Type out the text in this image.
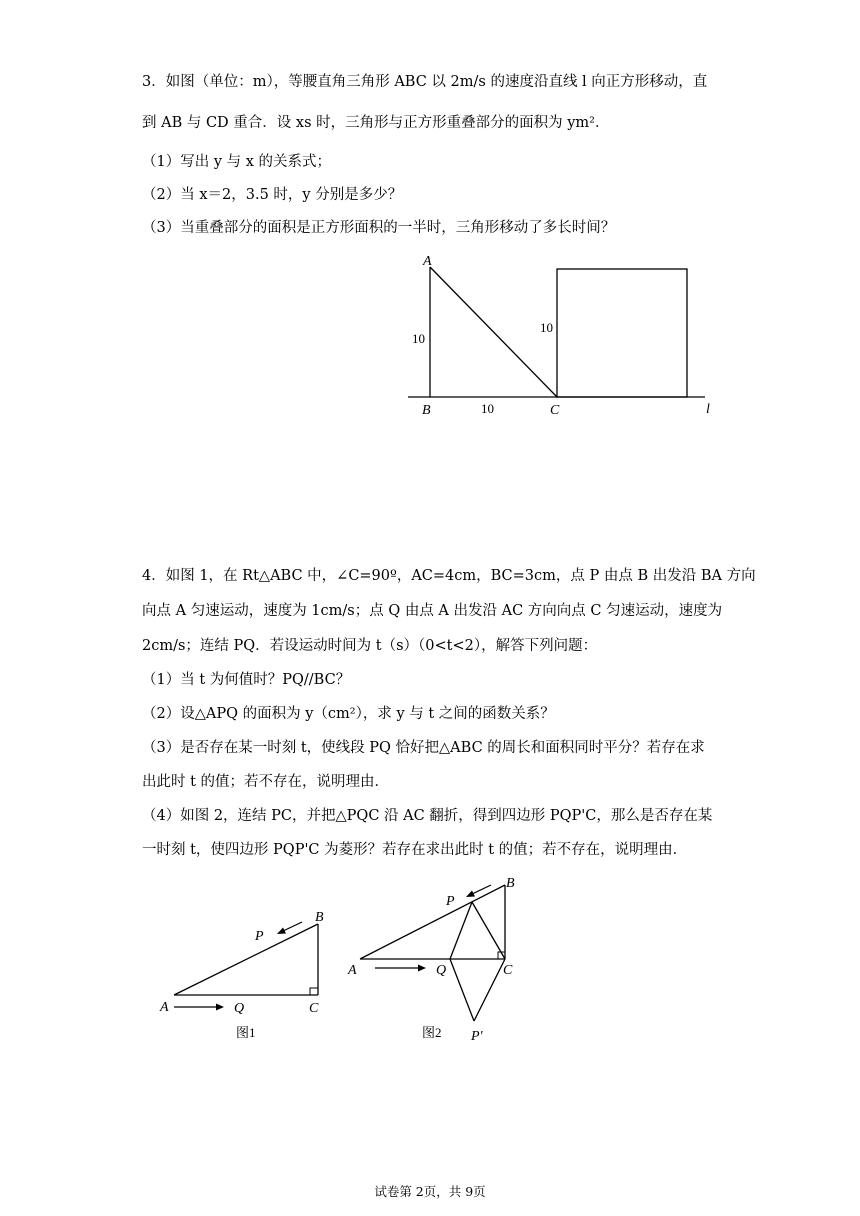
3．如图（单位：m），等腰直角三角形 ABC 以 2m/s 的速度沿直线 l 向正方形移动，直
到 AB 与 CD 重合．设 xs 时，三角形与正方形重叠部分的面积为 ym²．
（1）写出 y 与 x 的关系式；
（2）当 x＝2，3.5 时，y 分别是多少？
（3）当重叠部分的面积是正方形面积的一半时，三角形移动了多长时间？
A
B	C	l
10
10
10
4．如图 1，在 Rt△ABC 中，∠C=90º，AC=4cm，BC=3cm，点 P 由点 B 出发沿 BA 方向
向点 A 匀速运动，速度为 1cm/s；点 Q 由点 A 出发沿 AC 方向向点 C 匀速运动，速度为
2cm/s；连结 PQ．若设运动时间为 t（s）（0<t<2），解答下列问题：
（1）当 t 为何值时？PQ//BC？
（2）设△APQ 的面积为 y（cm²），求 y 与 t 之间的函数关系？
（3）是否存在某一时刻 t，使线段 PQ 恰好把△ABC 的周长和面积同时平分？若存在求
出此时 t 的值；若不存在，说明理由．
（4）如图 2，连结 PC，并把△PQC 沿 AC 翻折，得到四边形 PQP'C，那么是否存在某
一时刻 t，使四边形 PQP'C 为菱形？若存在求出此时 t 的值；若不存在，说明理由．
A
B
C
P
Q
图1
A
B
C
P
Q
P'
图2
试卷第 2页，共 9页
